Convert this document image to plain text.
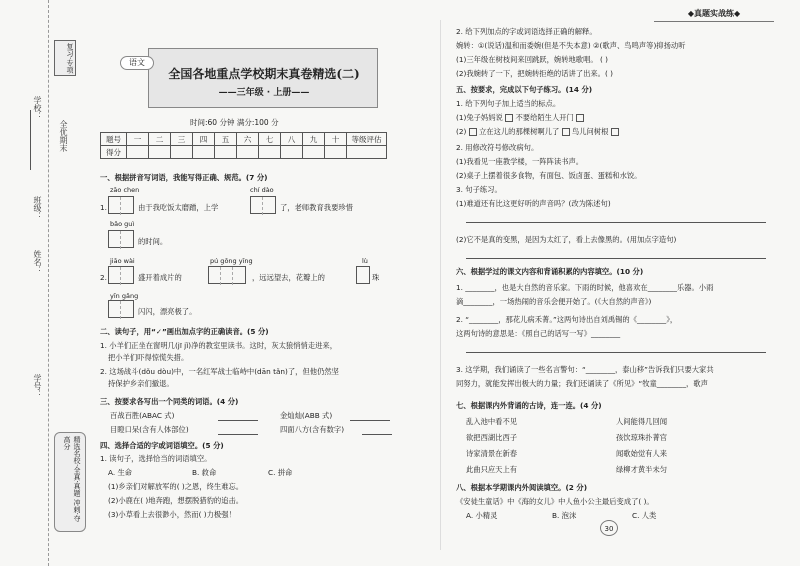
学校：
班级：
姓名：
学号：
全优期末
复习·专项
精选名校·全真·真题 冲刺·夺高分
◆真题实战练◆
全国各地重点学校期末真卷精选(二)
——三年级 · 上册——
语文
时间:60 分钟 满分:100 分
题号	一	二	三	四	五	六	七	八	九	十	等级评估
得分											
一、根据拼音写词语，我能写得正确、规范。(7 分)
zāo chen	chí dào
1.	由于我吃饭太磨蹭，上学	了，老师教育我要珍惜
bǎo guì
的时间。
jiāo wài	pú gōng yīng	lù
2.	盛开着成片的	，远远望去，花瓣上的	珠
yīn gǎng
闪闪，漂亮极了。
二、读句子，用“✓”画出加点字的正确读音。(5 分)
1. 小羊们正坐在窗明几(jī jǐ)净的教室里读书。这时，灰太狼悄悄走进来，
把小羊们吓得惊慌失措。
2. 这场战斗(dǒu dòu)中，一名红军战士临峙中(dān tǎn)了，但他仍然坚
持保护乡亲们撤退。
三、按要求各写出一个同类的词语。(4 分)
百战百胜(ABAC 式)	金灿灿(ABB 式)
目瞪口呆(含有人体部位)	四面八方(含有数字)
四、选择合适的字或词语填空。(5 分)
1. 读句子，选择恰当的词语填空。
A. 生命	B. 救命	C. 拼命
(1)乡亲们对解放军的( )之恩，终生难忘。
(2)小鹿在( )地奔跑，想摆脱猎豹的追击。
(3)小草看上去很渺小，然而( )力极强！
2. 给下列加点的字或词语选择正确的解释。
婉转：①(说话)温和而委婉(但是不失本意) ②(歌声、鸟鸣声等)抑扬动听
(1)三年级在树枝间来回跳跃，婉转地歌唱。 ( )
(2)我婉转了一下，把婉转拒绝的话讲了出来。( )
五、按要求，完成以下句子练习。(14 分)
1. 给下列句子加上适当的标点。
(1)兔子妈妈说 不要给陌生人开门
(2) 立在这儿的那棵树啊儿了 鸟儿问树根
2. 用修改符号修改病句。
(1)我看见一座教学楼，一阵阵读书声。
(2)桌子上摆着很多食物，有面包、饭卤蛋、蛋糕和水饺。
3. 句子练习。
(1)难道还有比这更好听的声音吗？(改为陈述句)
(2)它不是真的变黑，是因为太红了，看上去像黑的。(用加点字造句)
六、根据学过的课文内容和背诵积累的内容填空。(10 分)
1. ________，也是大自然的音乐家。下雨的时候，他喜欢在________乐器。小雨
滴________，一场热闹的音乐会便开始了。(《大自然的声音》)
2. “________，那花儿病禾菁。”这两句诗出自刘禹锡的《________》，
这两句诗的意思是：《照自己的话写一写》________
3. 这学期，我们诵读了一些名言警句：“________，泰山移”告诉我们只要大家共
同努力，就能发挥出极大的力量；我们还诵读了《所见》“牧童________，歌声
七、根据课内外背诵的古诗，连一连。(4 分)
乱入池中看不见	人间能得几回闻
欲把西湖比西子	孩饮琼珠扑菁官
诗家清景在新春	闻歌始觉有人来
此曲只应天上有	绿柳才黄半未匀
八、根据本学期课内外阅读填空。(2 分)
《安徒生童话》中《海的女儿》中人鱼小公主最后变成了( )。
A. 小精灵	B. 泡沫	C. 人类
30
